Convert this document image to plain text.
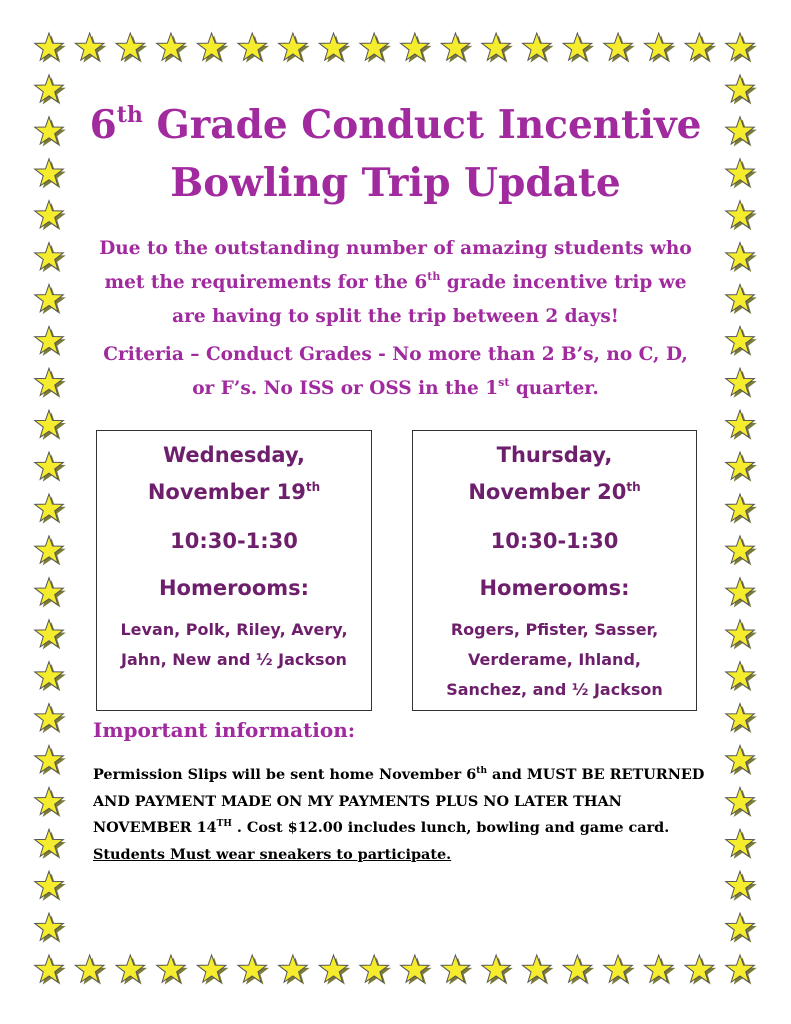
6th Grade Conduct Incentive
Bowling Trip Update

Due to the outstanding number of amazing students who met the requirements for the 6th grade incentive trip we are having to split the trip between 2 days!

Criteria – Conduct Grades - No more than 2 B’s, no C, D, or F’s. No ISS or OSS in the 1st quarter.

Wednesday,
November 19th
10:30-1:30
Homerooms:
Levan, Polk, Riley, Avery, Jahn, New and ½ Jackson
Thursday,
November 20th
10:30-1:30
Homerooms:
Rogers, Pfister, Sasser, Verderame, Ihland, Sanchez, and ½ Jackson
Important information:

Permission Slips will be sent home November 6th and MUST BE RETURNED AND PAYMENT MADE ON MY PAYMENTS PLUS NO LATER THAN NOVEMBER 14TH . Cost $12.00 includes lunch, bowling and game card. Students Must wear sneakers to participate.
